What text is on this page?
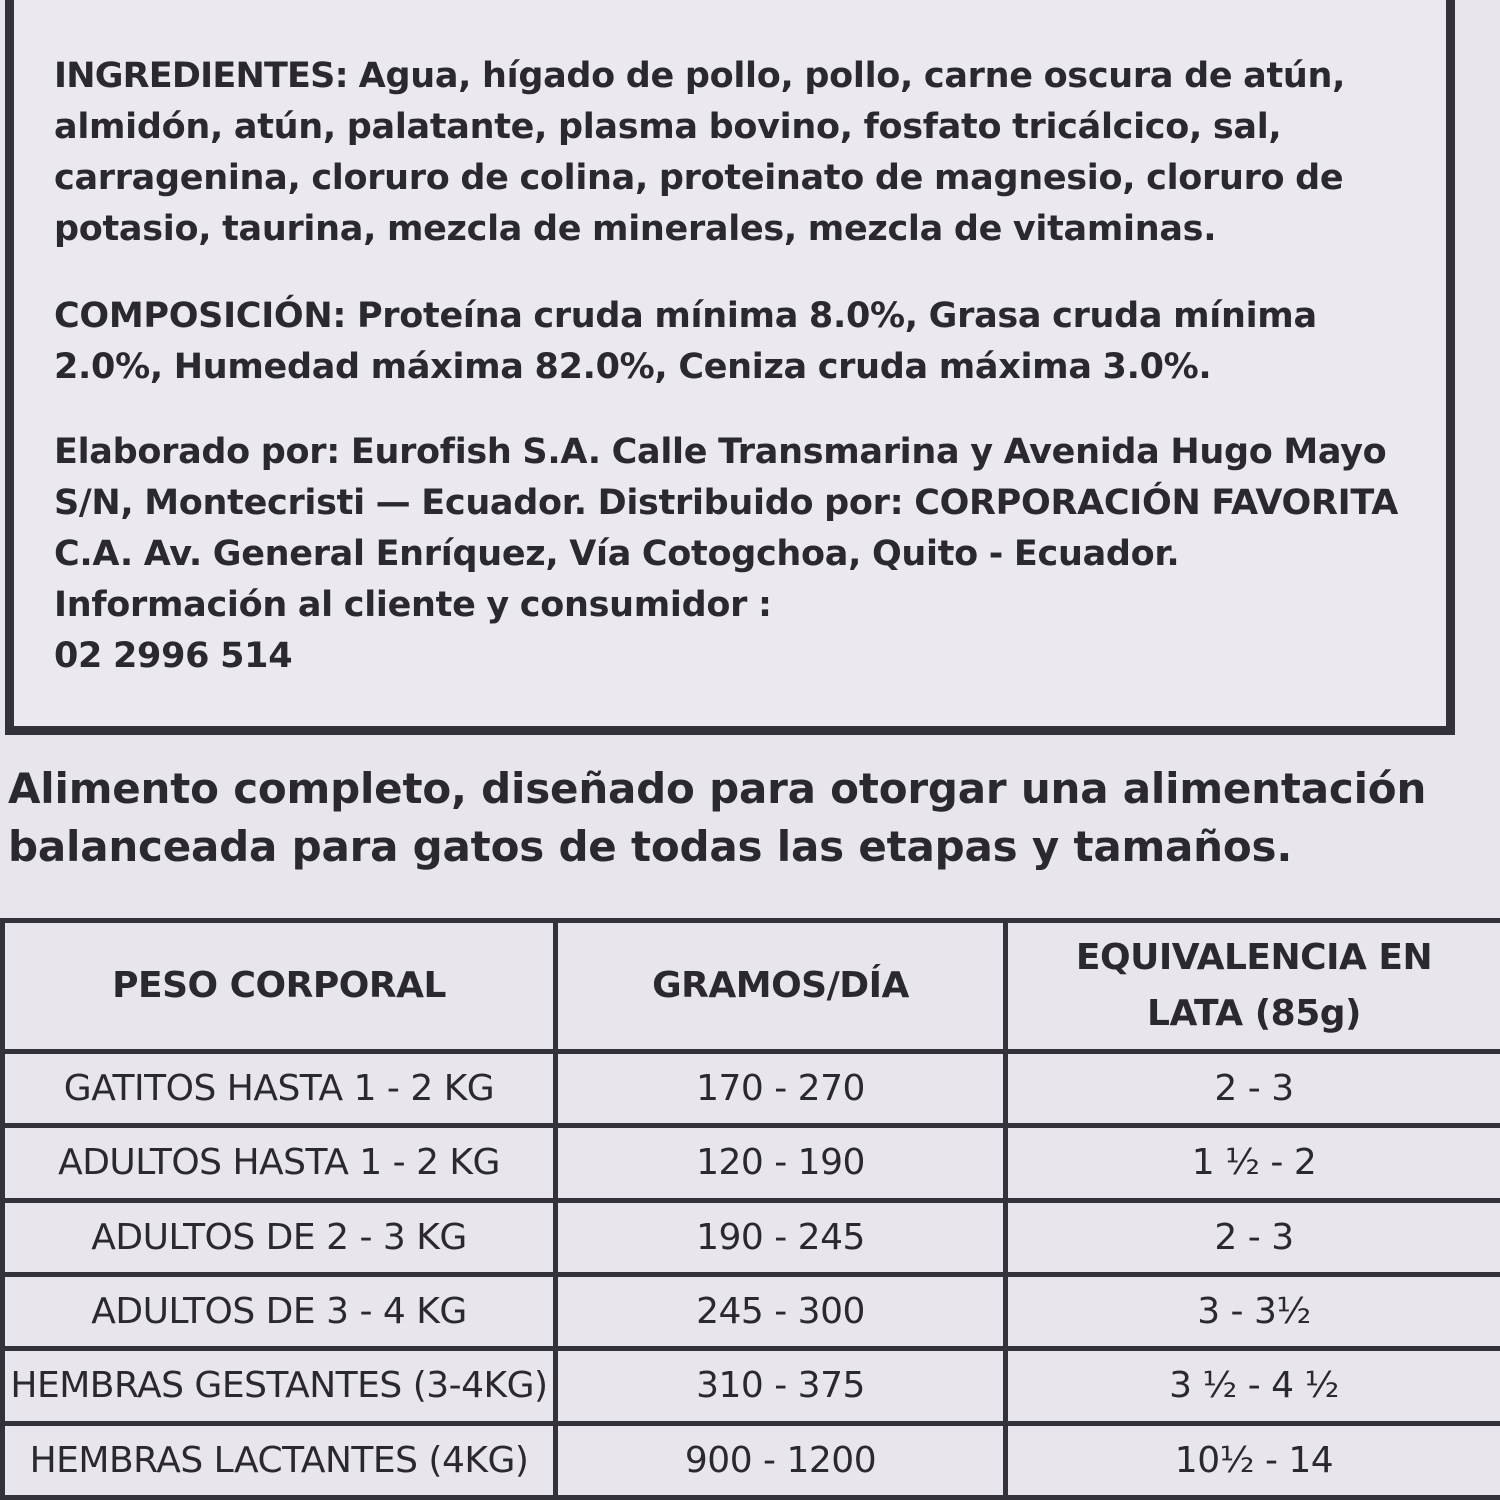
INGREDIENTES: Agua, hígado de pollo, pollo, carne oscura de atún, almidón, atún, palatante, plasma bovino, fosfato tricálcico, sal, carragenina, cloruro de colina, proteinato de magnesio, cloruro de potasio, taurina, mezcla de minerales, mezcla de vitaminas.

COMPOSICIÓN: Proteína cruda mínima 8.0%, Grasa cruda mínima 2.0%, Humedad máxima 82.0%, Ceniza cruda máxima 3.0%.

Elaborado por: Eurofish S.A. Calle Transmarina y Avenida Hugo Mayo S/N, Montecristi — Ecuador. Distribuido por: CORPORACIÓN FAVORITA C.A. Av. General Enríquez, Vía Cotogchoa, Quito - Ecuador. Información al cliente y consumidor :
02 2996 514

Alimento completo, diseñado para otorgar una alimentación balanceada para gatos de todas las etapas y tamaños.

PESO CORPORAL	GRAMOS/DÍA	EQUIVALENCIA EN LATA (85g)
GATITOS HASTA 1 - 2 KG	170 - 270	2 - 3
ADULTOS HASTA 1 - 2 KG	120 - 190	1 ½ - 2
ADULTOS DE 2 - 3 KG	190 - 245	2 - 3
ADULTOS DE 3 - 4 KG	245 - 300	3 - 3½
HEMBRAS GESTANTES (3-4KG)	310 - 375	3 ½ - 4 ½
HEMBRAS LACTANTES (4KG)	900 - 1200	10½ - 14
